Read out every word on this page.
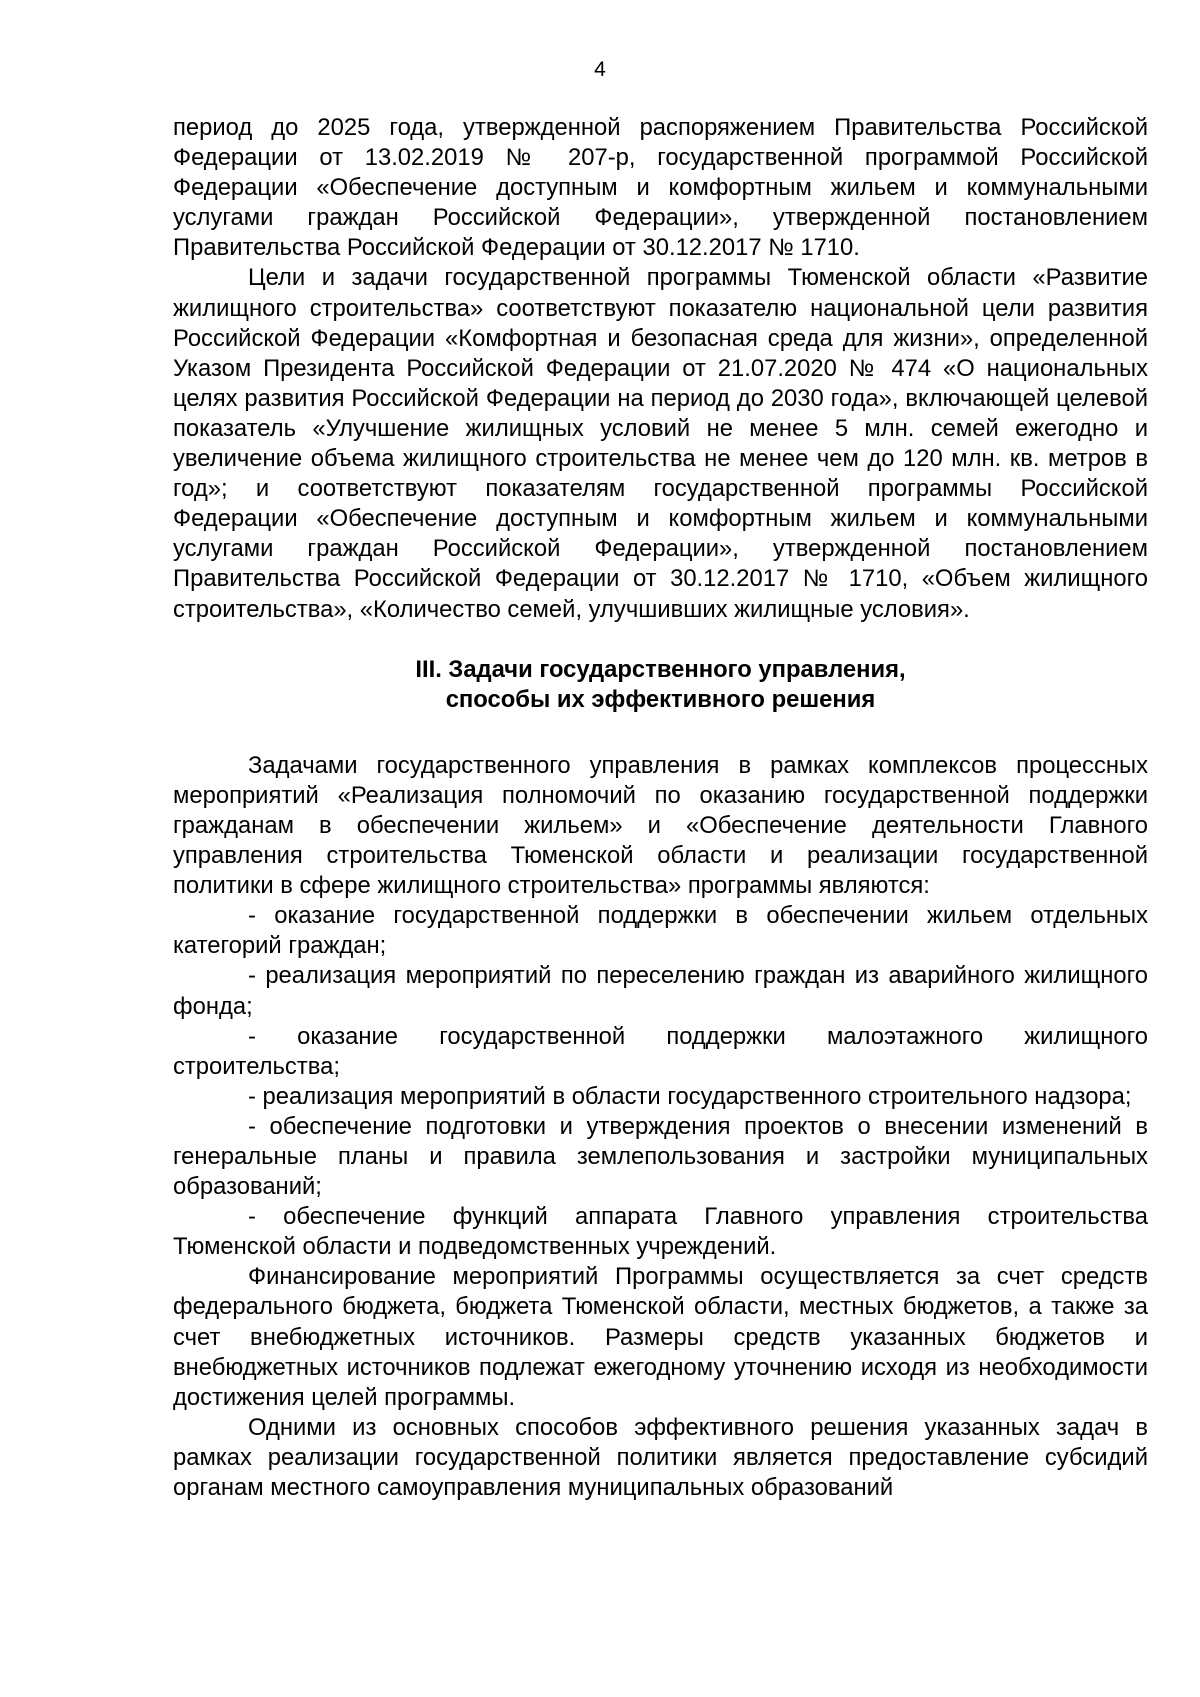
4

период до 2025 года, утвержденной распоряжением Правительства Российской Федерации от 13.02.2019 № 207-р, государственной программой Российской Федерации «Обеспечение доступным и комфортным жильем и коммунальными услугами граждан Российской Федерации», утвержденной постановлением Правительства Российской Федерации от 30.12.2017 № 1710.

Цели и задачи государственной программы Тюменской области «Развитие жилищного строительства» соответствуют показателю национальной цели развития Российской Федерации «Комфортная и безопасная среда для жизни», определенной Указом Президента Российской Федерации от 21.07.2020 № 474 «О национальных целях развития Российской Федерации на период до 2030 года», включающей целевой показатель «Улучшение жилищных условий не менее 5 млн. семей ежегодно и увеличение объема жилищного строительства не менее чем до 120 млн. кв. метров в год»; и соответствуют показателям государственной программы Российской Федерации «Обеспечение доступным и комфортным жильем и коммунальными услугами граждан Российской Федерации», утвержденной постановлением Правительства Российской Федерации от 30.12.2017 № 1710, «Объем жилищного строительства», «Количество семей, улучшивших жилищные условия».

III. Задачи государственного управления,
способы их эффективного решения

Задачами государственного управления в рамках комплексов процессных мероприятий «Реализация полномочий по оказанию государственной поддержки гражданам в обеспечении жильем» и «Обеспечение деятельности Главного управления строительства Тюменской области и реализации государственной политики в сфере жилищного строительства» программы являются:

- оказание государственной поддержки в обеспечении жильем отдельных категорий граждан;

- реализация мероприятий по переселению граждан из аварийного жилищного фонда;

- оказание государственной поддержки малоэтажного жилищного строительства;

- реализация мероприятий в области государственного строительного надзора;

- обеспечение подготовки и утверждения проектов о внесении изменений в генеральные планы и правила землепользования и застройки муниципальных образований;

- обеспечение функций аппарата Главного управления строительства Тюменской области и подведомственных учреждений.

Финансирование мероприятий Программы осуществляется за счет средств федерального бюджета, бюджета Тюменской области, местных бюджетов, а также за счет внебюджетных источников. Размеры средств указанных бюджетов и внебюджетных источников подлежат ежегодному уточнению исходя из необходимости достижения целей программы.

Одними из основных способов эффективного решения указанных задач в рамках реализации государственной политики является предоставление субсидий органам местного самоуправления муниципальных образований
